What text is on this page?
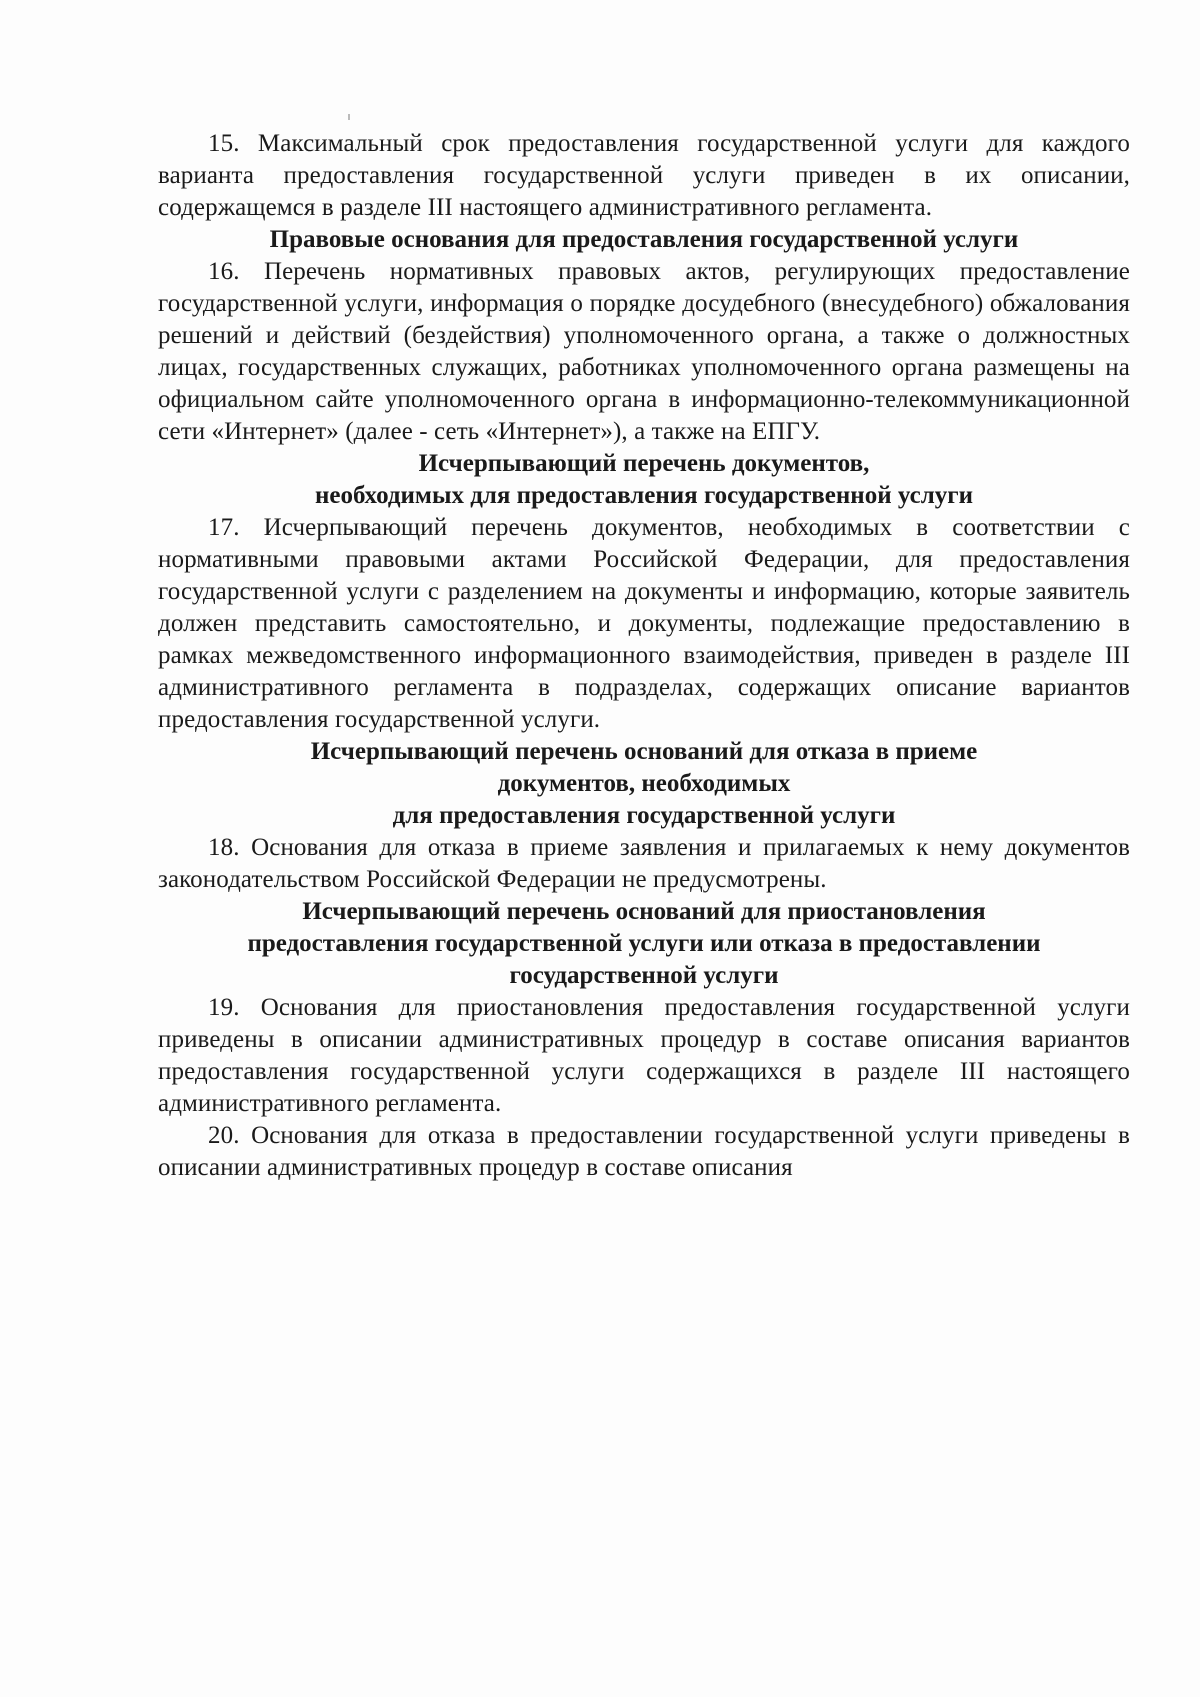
15. Максимальный срок предоставления государственной услуги для каждого варианта предоставления государственной услуги приведен в их описании, содержащемся в разделе III настоящего административного регламента.

Правовые основания для предоставления государственной услуги

16. Перечень нормативных правовых актов, регулирующих предоставление государственной услуги, информация о порядке досудебного (внесудебного) обжалования решений и действий (бездействия) уполномоченного органа, а также о должностных лицах, государственных служащих, работниках уполномоченного органа размещены на официальном сайте уполномоченного органа в информационно-телекоммуникационной сети «Интернет» (далее - сеть «Интернет»), а также на ЕПГУ.

Исчерпывающий перечень документов,
необходимых для предоставления государственной услуги

17. Исчерпывающий перечень документов, необходимых в соответствии с нормативными правовыми актами Российской Федерации, для предоставления государственной услуги с разделением на документы и информацию, которые заявитель должен представить самостоятельно, и документы, подлежащие предоставлению в рамках межведомственного информационного взаимодействия, приведен в разделе III административного регламента в подразделах, содержащих описание вариантов предоставления государственной услуги.

Исчерпывающий перечень оснований для отказа в приеме
документов, необходимых
для предоставления государственной услуги

18. Основания для отказа в приеме заявления и прилагаемых к нему документов законодательством Российской Федерации не предусмотрены.

Исчерпывающий перечень оснований для приостановления
предоставления государственной услуги или отказа в предоставлении
государственной услуги

19. Основания для приостановления предоставления государственной услуги приведены в описании административных процедур в составе описания вариантов предоставления государственной услуги содержащихся в разделе III настоящего административного регламента.

20. Основания для отказа в предоставлении государственной услуги приведены в описании административных процедур в составе описания
